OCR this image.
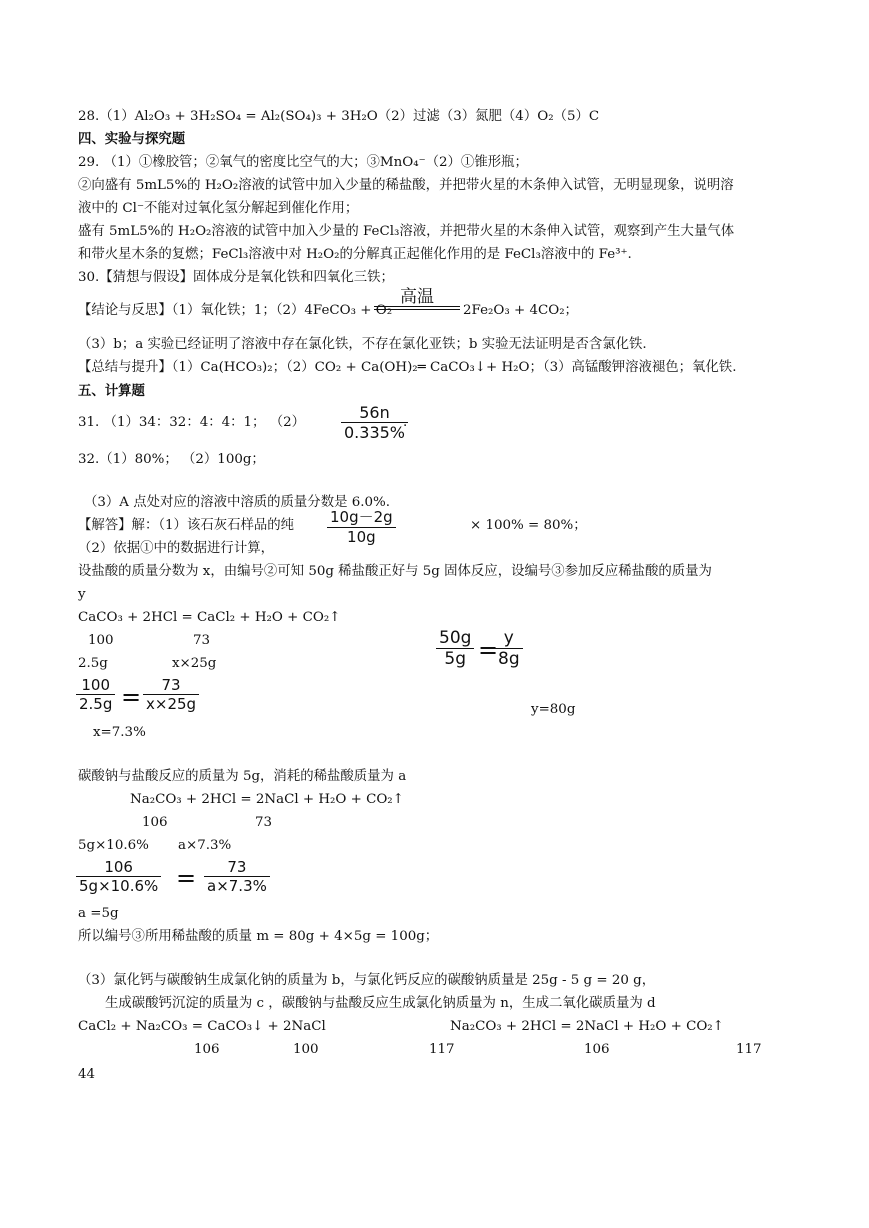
28.（1）Al₂O₃ + 3H₂SO₄ = Al₂(SO₄)₃ + 3H₂O（2）过滤（3）氮肥（4）O₂（5）C
四、实验与探究题
29. （1）①橡胶管；②氧气的密度比空气的大；③MnO₄⁻（2）①锥形瓶；
②向盛有 5mL5%的 H₂O₂溶液的试管中加入少量的稀盐酸，并把带火星的木条伸入试管，无明显现象，说明溶
液中的 Cl⁻不能对过氧化氢分解起到催化作用；
盛有 5mL5%的 H₂O₂溶液的试管中加入少量的 FeCl₃溶液，并把带火星的木条伸入试管，观察到产生大量气体
和带火星木条的复燃；FeCl₃溶液中对 H₂O₂的分解真正起催化作用的是 FeCl₃溶液中的 Fe³⁺.
30.【猜想与假设】固体成分是氧化铁和四氧化三铁；
【结论与反思】（1）氧化铁；1；（2）4FeCO₃ + O₂
高温
2Fe₂O₃ + 4CO₂；
（3）b；a 实验已经证明了溶液中存在氯化铁，不存在氯化亚铁；b 实验无法证明是否含氯化铁.
【总结与提升】（1）Ca(HCO₃)₂；（2）CO₂ + Ca(OH)₂═ CaCO₃↓+ H₂O；（3）高锰酸钾溶液褪色；氧化铁.
五、计算题
31. （1）34：32：4：4：1； （2）
56n
0.335%
.
32.（1）80%； （2）100g；
（3）A 点处对应的溶液中溶质的质量分数是 6.0%.
【解答】解：（1）该石灰石样品的纯 10g－2g
10g
× 100% = 80%；
（2）依据①中的数据进行计算，
设盐酸的质量分数为 x，由编号②可知 50g 稀盐酸正好与 5g 固体反应，设编号③参加反应稀盐酸的质量为
y
CaCO₃ + 2HCl = CaCl₂ + H₂O + CO₂↑
100	73
2.5g	x×25g
50g
5g = y
8g
100
2.5g = 73
x×25g	y=80g
x=7.3%
碳酸钠与盐酸反应的质量为 5g，消耗的稀盐酸质量为 a
Na₂CO₃ + 2HCl = 2NaCl + H₂O + CO₂↑
106	73
5g×10.6% a×7.3%
106
5g×10.6% = 73
a×7.3%
a =5g
所以编号③所用稀盐酸的质量 m = 80g + 4×5g = 100g；
（3）氯化钙与碳酸钠生成氯化钠的质量为 b，与氯化钙反应的碳酸钠质量是 25g - 5 g = 20 g，
生成碳酸钙沉淀的质量为 c ，碳酸钠与盐酸反应生成氯化钠质量为 n，生成二氧化碳质量为 d
CaCl₂ + Na₂CO₃ = CaCO₃↓ + 2NaCl	Na₂CO₃ + 2HCl = 2NaCl + H₂O + CO₂↑
106	100	117	106	117
44
